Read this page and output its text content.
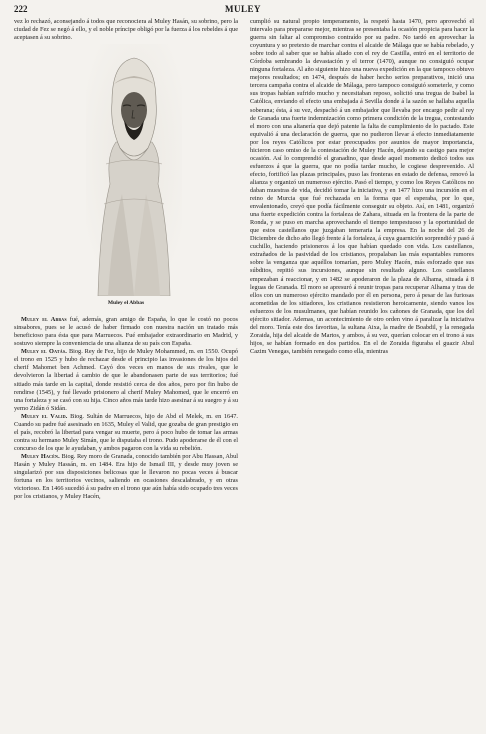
222	MULEY

vez lo rechazó, aconsejando á todos que reconociera al Muley Hasán, su sobrino, pero la ciudad de Fez se negó á ello, y el noble príncipe obligó por la fuerza á los rebeldes á que aceptasen á su sobrino.

Muley el Abbas

Muley el Abbas fué, además, gran amigo de España, lo que le costó no pocos sinsabores, pues se le acusó de haber firmado con nuestra nación un tratado más beneficioso para ésta que para Marruecos. Fué embajador extraordinario en Madrid, y sostuvo siempre la conveniencia de una alianza de su país con España.

Muley el Oatás. Biog. Rey de Fez, hijo de Muley Mohammed, m. en 1550. Ocupó el trono en 1525 y hubo de rechazar desde el principio las invasiones de los hijos del cherif Mahomet ben Achmed. Cayó dos veces en manos de sus rivales, que le devolvieron la libertad á cambio de que le abandonasen parte de sus territorios; fué sitiado más tarde en la capital, donde resistió cerca de dos años, pero por fin hubo de rendirse (1545), y fué llevado prisionero al cherif Muley Mahomed, que le encerró en una fortaleza y se casó con su hija. Cinco años más tarde hizo asesinar á su suegro y á su yerno Zidán ó Sidán.

Muley el Valid. Biog. Sultán de Marruecos, hijo de Abd el Melek, m. en 1647. Cuando su padre fué asesinado en 1635, Muley el Valid, que gozaba de gran prestigio en el país, recobró la libertad para vengar su muerte, pero á poco hubo de tomar las armas contra su hermano Muley Simán, que le disputaba el trono. Pudo apoderarse de él con el concurso de los que le ayudaban, y ambos pagaron con la vida su rebelión.

Muley Hacén. Biog. Rey moro de Granada, conocido también por Abu Hassan, Abul Hasán y Muley Hassán, m. en 1484. Era hijo de Ismail III, y desde muy joven se singularizó por sus disposiciones belicosas que le llevaron no pocas veces á buscar fortuna en los territorios vecinos, saliendo en ocasiones descalabrado, y en otras victorioso. En 1466 sucedió á su padre en el trono que aún había sido ocupado tres veces por los cristianos, y Muley Hacén,

cumplió su natural propio temperamento, la respetó hasta 1470, pero aprovechó el intervalo para prepararse mejor, mientras se presentaba la ocasión propicia para hacer la guerra sin faltar al compromiso contraído por su padre. No tardó en aprovechar la coyuntura y so pretexto de marchar contra el alcaide de Málaga que se había rebelado, y sobre todo al saber que se había aliado con el rey de Castilla, entró en el territorio de Córdoba sembrando la devastación y el terror (1470), aunque no consiguió ocupar ninguna fortaleza. Al año siguiente hizo una nueva expedición en la que tampoco obtuvo mejores resultados; en 1474, después de haber hecho serios preparativos, inició una tercera campaña contra el alcaide de Málaga, pero tampoco consiguió someterle, y como sus tropas habían sufrido mucho y necesitaban reposo, solicitó una tregua de Isabel la Católica, enviando el efecto una embajada á Sevilla donde á la sazón se hallaba aquella soberana; ésta, á su vez, despachó á un embajador que llevaba por encargo pedir al rey de Granada una fuerte indemnización como primera condición de la tregua, contestando el moro con una altanería que dejó patente la falta de cumplimiento de lo pactado. Este equivalió á una declaración de guerra, que no pudieron llevar á efecto inmediatamente por los reyes Católicos por estar preocupados por asuntos de mayor importancia, hicieron caso omiso de la contestación de Muley Hacén, dejando su castigo para mejor ocasión. Así lo comprendió el granadino, que desde aquel momento dedicó todos sus esfuerzos á que la guerra, que no podía tardar mucho, le cogiese desprevenido. Al efecto, fortificó las plazas principales, puso las fronteras en estado de defensa, renovó la alianza y organizó un numeroso ejército. Pasó el tiempo, y como los Reyes Católicos no daban muestras de vida, decidió tomar la iniciativa, y en 1477 hizo una incursión en el reino de Murcia que fué rechazada en la forma que el esperaba, por lo que, envalentonado, creyó que podía fácilmente conseguir su objeto. Así, en 1481, organizó una fuerte expedición contra la fortaleza de Zahara, situada en la frontera de la parte de Ronda, y se puso en marcha aprovechando el tiempo tempestuoso y la oportunidad de que estos castellanos que juzgaban temeraria la empresa. En la noche del 26 de Diciembre de dicho año llegó frente á la fortaleza, á cuya guarnición sorprendió y pasó á cuchillo, haciendo prisioneros á los que habían quedado con vida. Los castellanos, extrañados de la pasividad de los cristianos, propalaban las más espantables rumores sobre la venganza que aquéllos tomarían, pero Muley Hacén, más esforzado que sus súbditos, repitió sus incursiones, aunque sin resultado alguno. Los castellanos empezaban á reaccionar, y en 1482 se apoderaron de la plaza de Alhama, situada á 8 leguas de Granada. El moro se apresuró á reunir tropas para recuperar Alhama y tras de ellos con un numeroso ejército mandado por él en persona, pero á pesar de las furiosas acometidas de los sitiadores, los cristianos resistieron heroicamente, siendo vanos los esfuerzos de los musulmanes, que habían reunido los cañones de Granada, que los del ejército sitiador. Ademas, un acontecimiento de otro orden vino á paralizar la iniciativa del moro. Tenía este dos favoritas, la sultana Aixa, la madre de Boabdil, y la renegada Zoraida, hija del alcaide de Martos, y ambos, á su vez, querían colocar en el trono á sus hijos, se habían formado en dos partidos. En el de Zoraida figuraba el guazir Abul Cazim Venegas, también renegado como ella, mientras
